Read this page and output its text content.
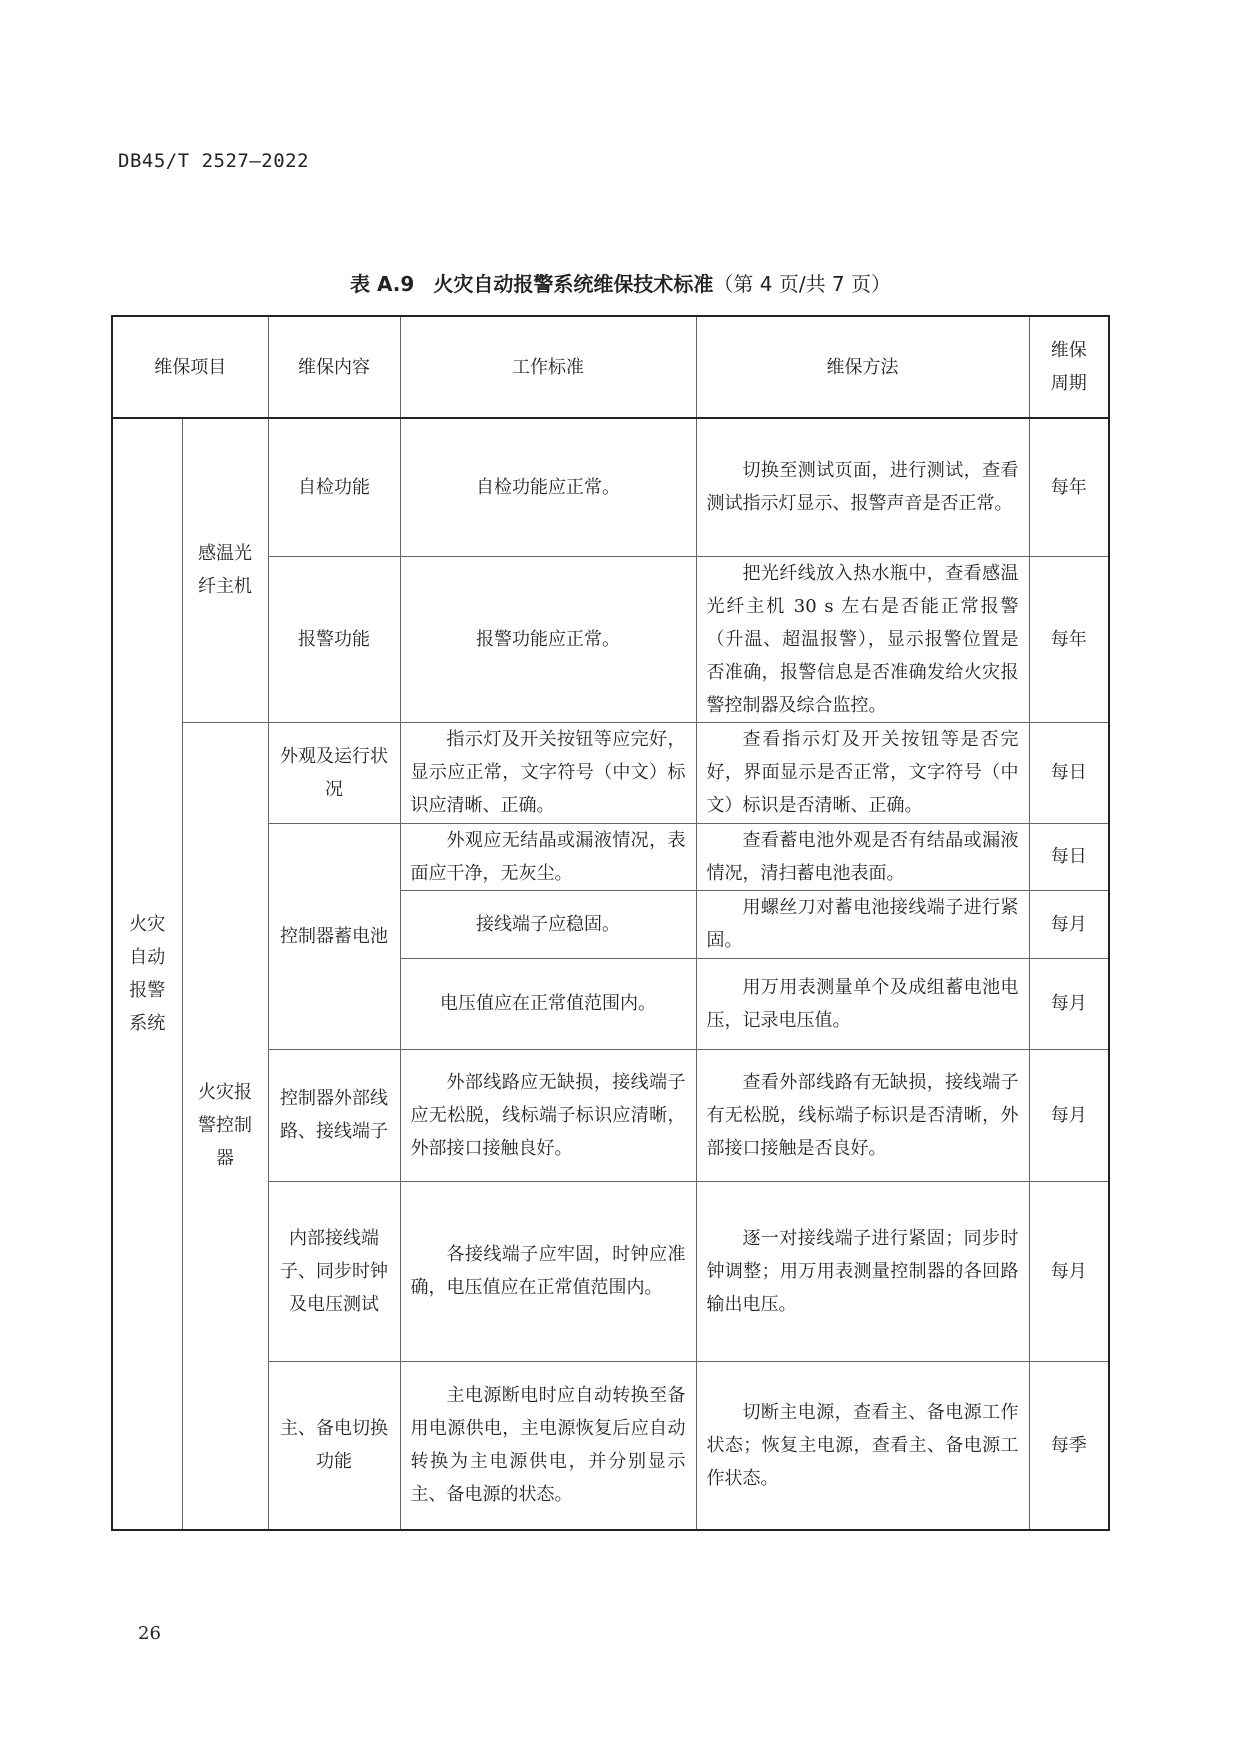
DB45/T 2527—2022
表 A.9 火灾自动报警系统维保技术标准（第 4 页/共 7 页）
维保项目		维保内容	工作标准	维保方法	维保周期
火灾自动报警系统	感温光纤主机	自检功能	自检功能应正常。	切换至测试页面，进行测试，查看测试指示灯显示、报警声音是否正常。	每年
		报警功能	报警功能应正常。	把光纤线放入热水瓶中，查看感温光纤主机 30 s 左右是否能正常报警（升温、超温报警），显示报警位置是否准确，报警信息是否准确发给火灾报警控制器及综合监控。	每年
	火灾报警控制器	外观及运行状况	指示灯及开关按钮等应完好，显示应正常，文字符号（中文）标识应清晰、正确。	查看指示灯及开关按钮等是否完好，界面显示是否正常，文字符号（中文）标识是否清晰、正确。	每日
		控制器蓄电池	外观应无结晶或漏液情况，表面应干净，无灰尘。	查看蓄电池外观是否有结晶或漏液情况，清扫蓄电池表面。	每日
			接线端子应稳固。	用螺丝刀对蓄电池接线端子进行紧固。	每月
			电压值应在正常值范围内。	用万用表测量单个及成组蓄电池电压，记录电压值。	每月
		控制器外部线路、接线端子	外部线路应无缺损，接线端子应无松脱，线标端子标识应清晰，外部接口接触良好。	查看外部线路有无缺损，接线端子有无松脱，线标端子标识是否清晰，外部接口接触是否良好。	每月
		内部接线端子、同步时钟及电压测试	各接线端子应牢固，时钟应准确，电压值应在正常值范围内。	逐一对接线端子进行紧固；同步时钟调整；用万用表测量控制器的各回路输出电压。	每月
		主、备电切换功能	主电源断电时应自动转换至备用电源供电，主电源恢复后应自动转换为主电源供电，并分别显示主、备电源的状态。	切断主电源，查看主、备电源工作状态；恢复主电源，查看主、备电源工作状态。	每季
26
